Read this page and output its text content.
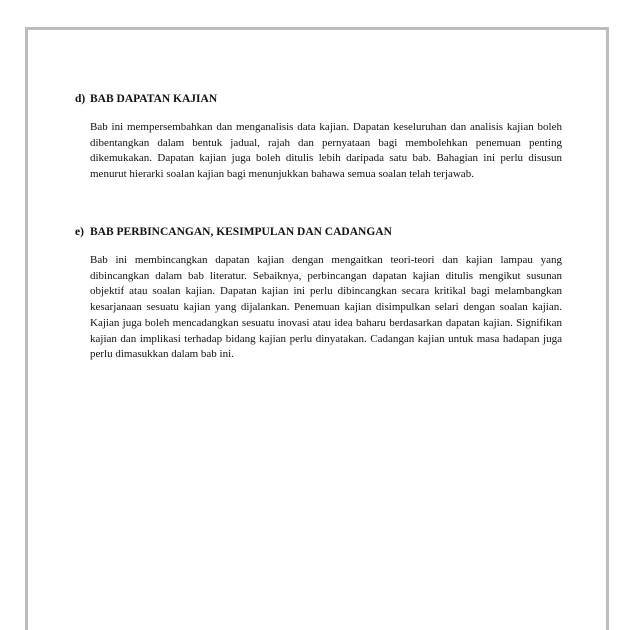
d) BAB DAPATAN KAJIAN

Bab ini mempersembahkan dan menganalisis data kajian. Dapatan keseluruhan dan analisis kajian boleh dibentangkan dalam bentuk jadual, rajah dan pernyataan bagi membolehkan penemuan penting dikemukakan. Dapatan kajian juga boleh ditulis lebih daripada satu bab. Bahagian ini perlu disusun menurut hierarki soalan kajian bagi menunjukkan bahawa semua soalan telah terjawab.

e) BAB PERBINCANGAN, KESIMPULAN DAN CADANGAN

Bab ini membincangkan dapatan kajian dengan mengaitkan teori-teori dan kajian lampau yang dibincangkan dalam bab literatur. Sebaiknya, perbincangan dapatan kajian ditulis mengikut susunan objektif atau soalan kajian. Dapatan kajian ini perlu dibincangkan secara kritikal bagi melambangkan kesarjanaan sesuatu kajian yang dijalankan. Penemuan kajian disimpulkan selari dengan soalan kajian. Kajian juga boleh mencadangkan sesuatu inovasi atau idea baharu berdasarkan dapatan kajian. Signifikan kajian dan implikasi terhadap bidang kajian perlu dinyatakan. Cadangan kajian untuk masa hadapan juga perlu dimasukkan dalam bab ini.
